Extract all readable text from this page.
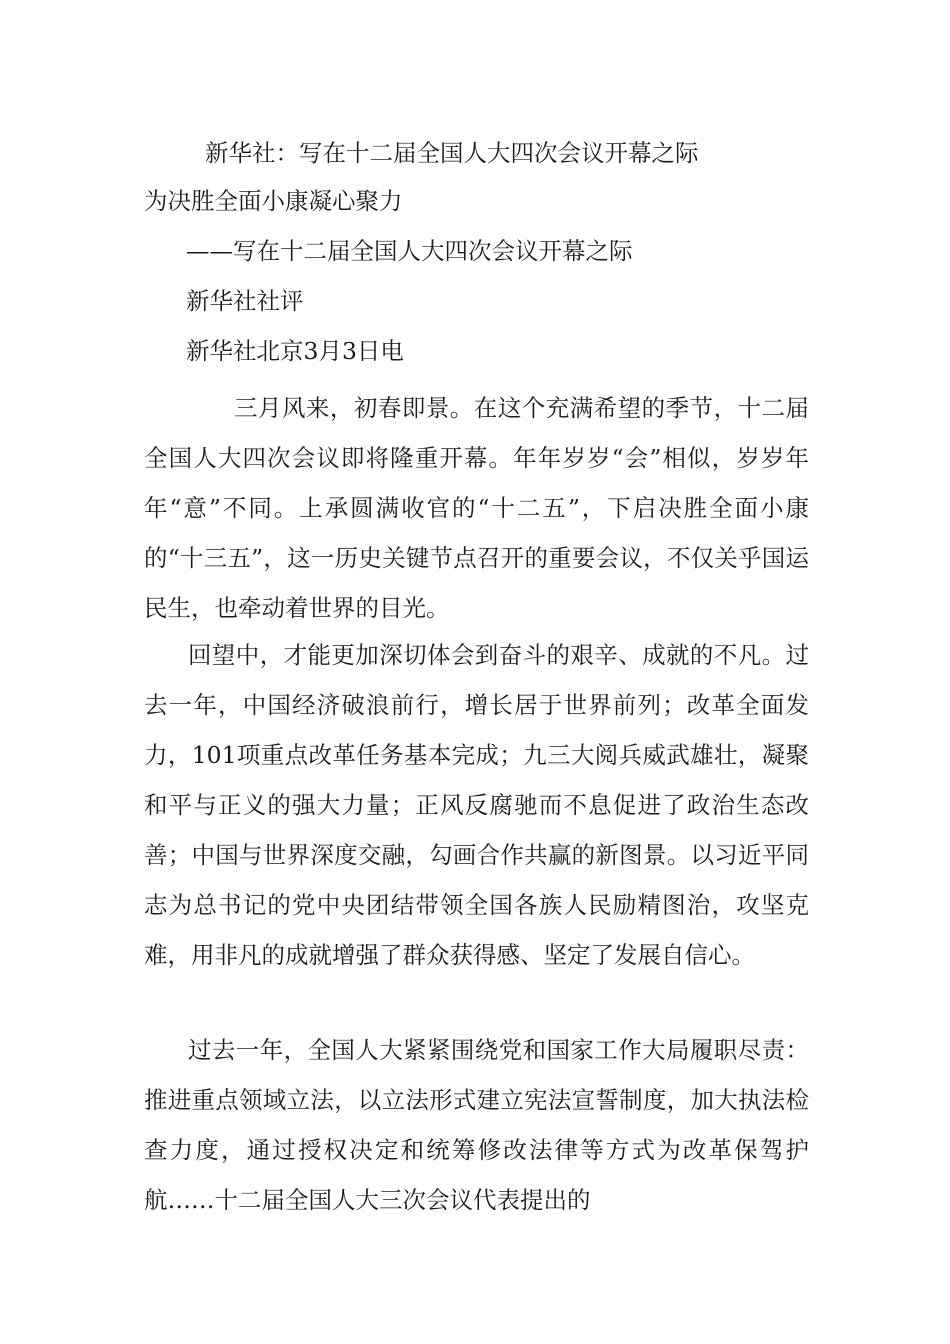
新华社：写在十二届全国人大四次会议开幕之际
为决胜全面小康凝心聚力
——写在十二届全国人大四次会议开幕之际
新华社社评
新华社北京3月3日电
三月风来，初春即景。在这个充满希望的季节，十二届全国人大四次会议即将隆重开幕。年年岁岁“会”相似，岁岁年年“意”不同。上承圆满收官的“十二五”，下启决胜全面小康的“十三五”，这一历史关键节点召开的重要会议，不仅关乎国运民生，也牵动着世界的目光。
回望中，才能更加深切体会到奋斗的艰辛、成就的不凡。过去一年，中国经济破浪前行，增长居于世界前列；改革全面发力，101项重点改革任务基本完成；九三大阅兵威武雄壮，凝聚和平与正义的强大力量；正风反腐驰而不息促进了政治生态改善；中国与世界深度交融，勾画合作共赢的新图景。以习近平同志为总书记的党中央团结带领全国各族人民励精图治，攻坚克难，用非凡的成就增强了群众获得感、坚定了发展自信心。
过去一年，全国人大紧紧围绕党和国家工作大局履职尽责：推进重点领域立法，以立法形式建立宪法宣誓制度，加大执法检查力度，通过授权决定和统筹修改法律等方式为改革保驾护航……十二届全国人大三次会议代表提出的
